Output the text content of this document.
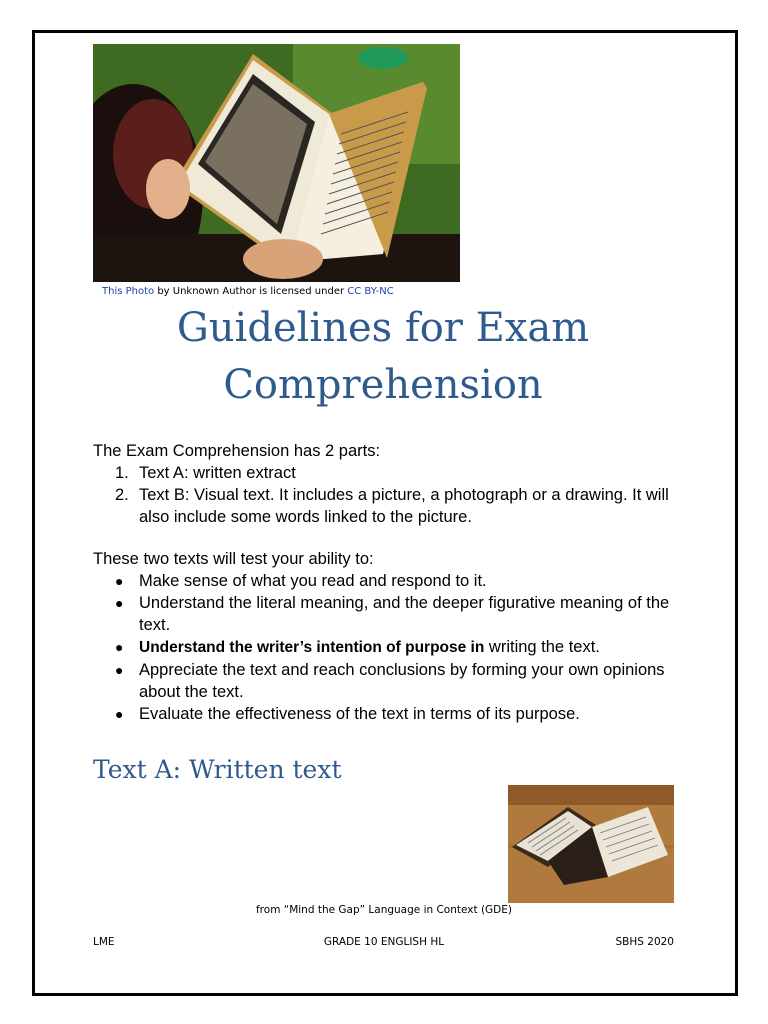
This Photo by Unknown Author is licensed under CC BY-NC
Guidelines for Exam
Comprehension
The Exam Comprehension has 2 parts:
1. Text A: written extract
2. Text B: Visual text. It includes a picture, a photograph or a drawing. It will also include some words linked to the picture.
These two texts will test your ability to:
● Make sense of what you read and respond to it.
● Understand the literal meaning, and the deeper figurative meaning of the text.
● Understand the writer’s intention of purpose in writing the text.
● Appreciate the text and reach conclusions by forming your own opinions about the text.
● Evaluate the effectiveness of the text in terms of its purpose.
Text A: Written text
from “Mind the Gap” Language in Context (GDE)
LME	GRADE 10 ENGLISH HL	SBHS 2020
